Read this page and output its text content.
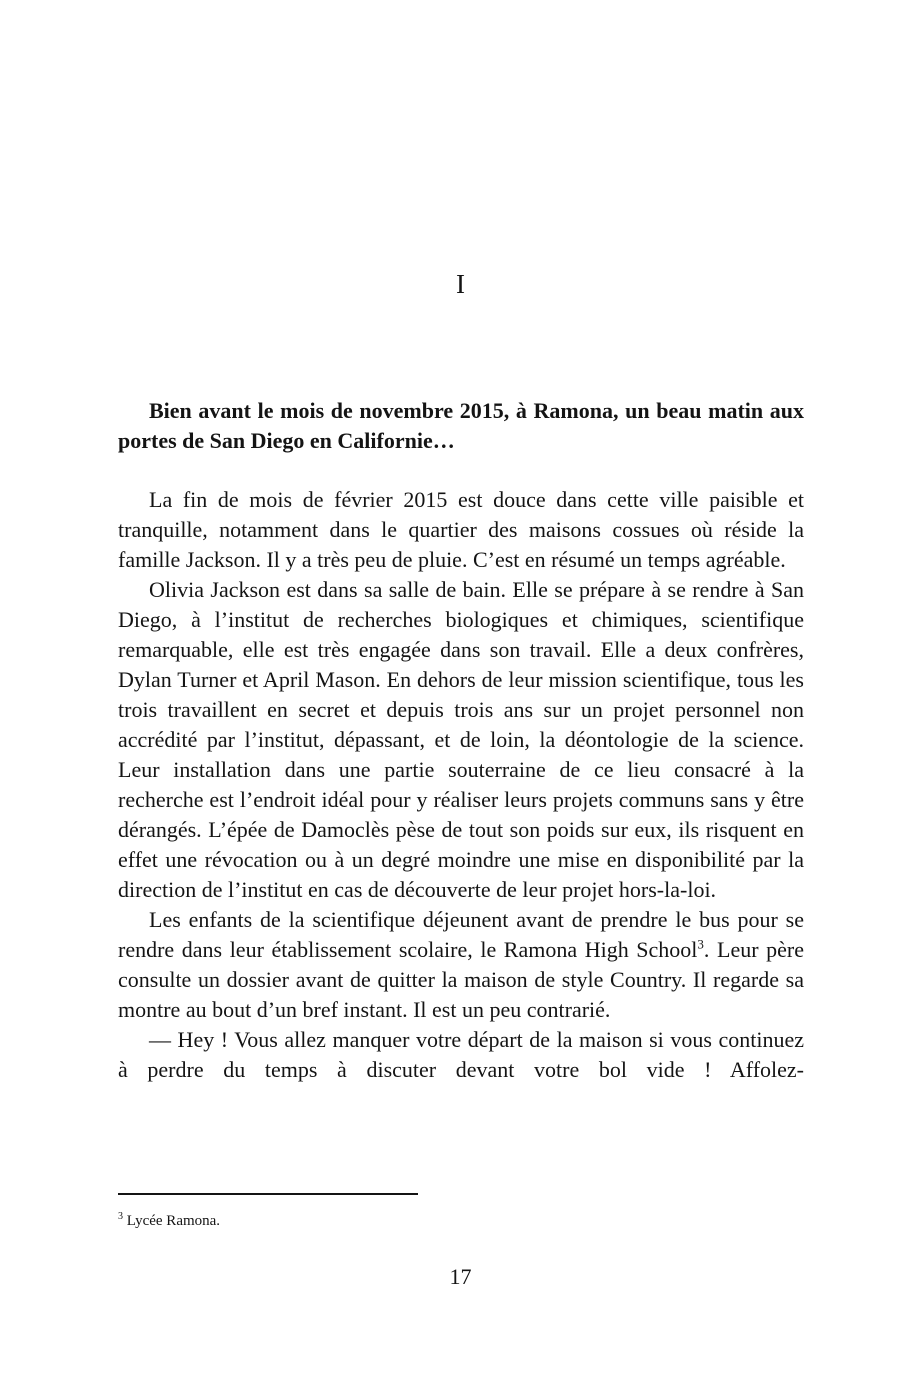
I

Bien avant le mois de novembre 2015, à Ramona, un beau matin aux portes de San Diego en Californie…

La fin de mois de février 2015 est douce dans cette ville paisible et tranquille, notamment dans le quartier des maisons cossues où réside la famille Jackson. Il y a très peu de pluie. C’est en résumé un temps agréable.

Olivia Jackson est dans sa salle de bain. Elle se prépare à se rendre à San Diego, à l’institut de recherches biologiques et chimiques, scientifique remarquable, elle est très engagée dans son travail. Elle a deux confrères, Dylan Turner et April Mason. En dehors de leur mission scientifique, tous les trois travaillent en secret et depuis trois ans sur un projet personnel non accrédité par l’institut, dépassant, et de loin, la déontologie de la science. Leur installation dans une partie souterraine de ce lieu consacré à la recherche est l’endroit idéal pour y réaliser leurs projets communs sans y être dérangés. L’épée de Damoclès pèse de tout son poids sur eux, ils risquent en effet une révocation ou à un degré moindre une mise en disponibilité par la direction de l’institut en cas de découverte de leur projet hors-la-loi.

Les enfants de la scientifique déjeunent avant de prendre le bus pour se rendre dans leur établissement scolaire, le Ramona High School$^3$. Leur père consulte un dossier avant de quitter la maison de style Country. Il regarde sa montre au bout d’un bref instant. Il est un peu contrarié.

— Hey ! Vous allez manquer votre départ de la maison si vous continuez à perdre du temps à discuter devant votre bol vide ! Affolez-

$^3$ Lycée Ramona.
17
